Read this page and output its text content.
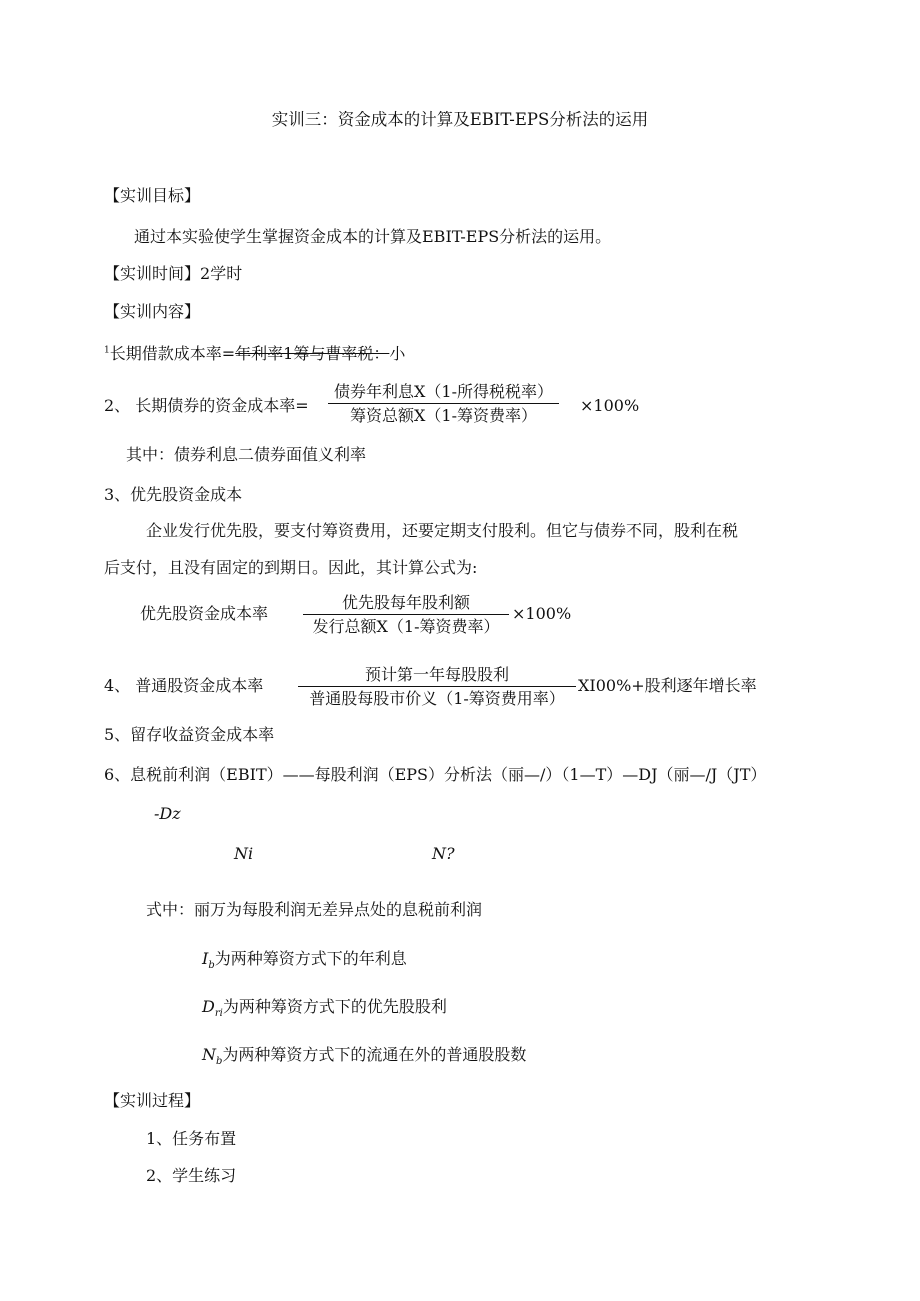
实训三：资金成本的计算及EBIT-EPS分析法的运用
【实训目标】
通过本实验使学生掌握资金成本的计算及EBIT-EPS分析法的运用。
【实训时间】2学时
【实训内容】
$^1$长期借款成本率=年利率1筹与曹率税：小
2、 长期债券的资金成本率=
债券年利息X（1-所得税税率）
筹资总额X（1-筹资费率）
×100%
其中：债券利息二债券面值义利率
3、优先股资金成本
企业发行优先股，要支付筹资费用，还要定期支付股利。但它与债券不同，股利在税
后支付，且没有固定的到期日。因此，其计算公式为:
优先股资金成本率
优先股每年股利额
发行总额X（1-筹资费率）
×100%
4、 普通股资金成本率
预计第一年每股股利
普通股每股市价义（1-筹资费用率）
XI00%+股利逐年增长率
5、留存收益资金成本率
6、息税前利润（EBIT）——每股利润（EPS）分析法（丽—/）（1—T）—DJ（丽—/J（JT）
-Dz
Ni	N?
式中：丽万为每股利润无差异点处的息税前利润
$I_b$为两种筹资方式下的年利息
$D_{ri}$为两种筹资方式下的优先股股利
$N_b$为两种筹资方式下的流通在外的普通股股数
【实训过程】
1、任务布置
2、学生练习
